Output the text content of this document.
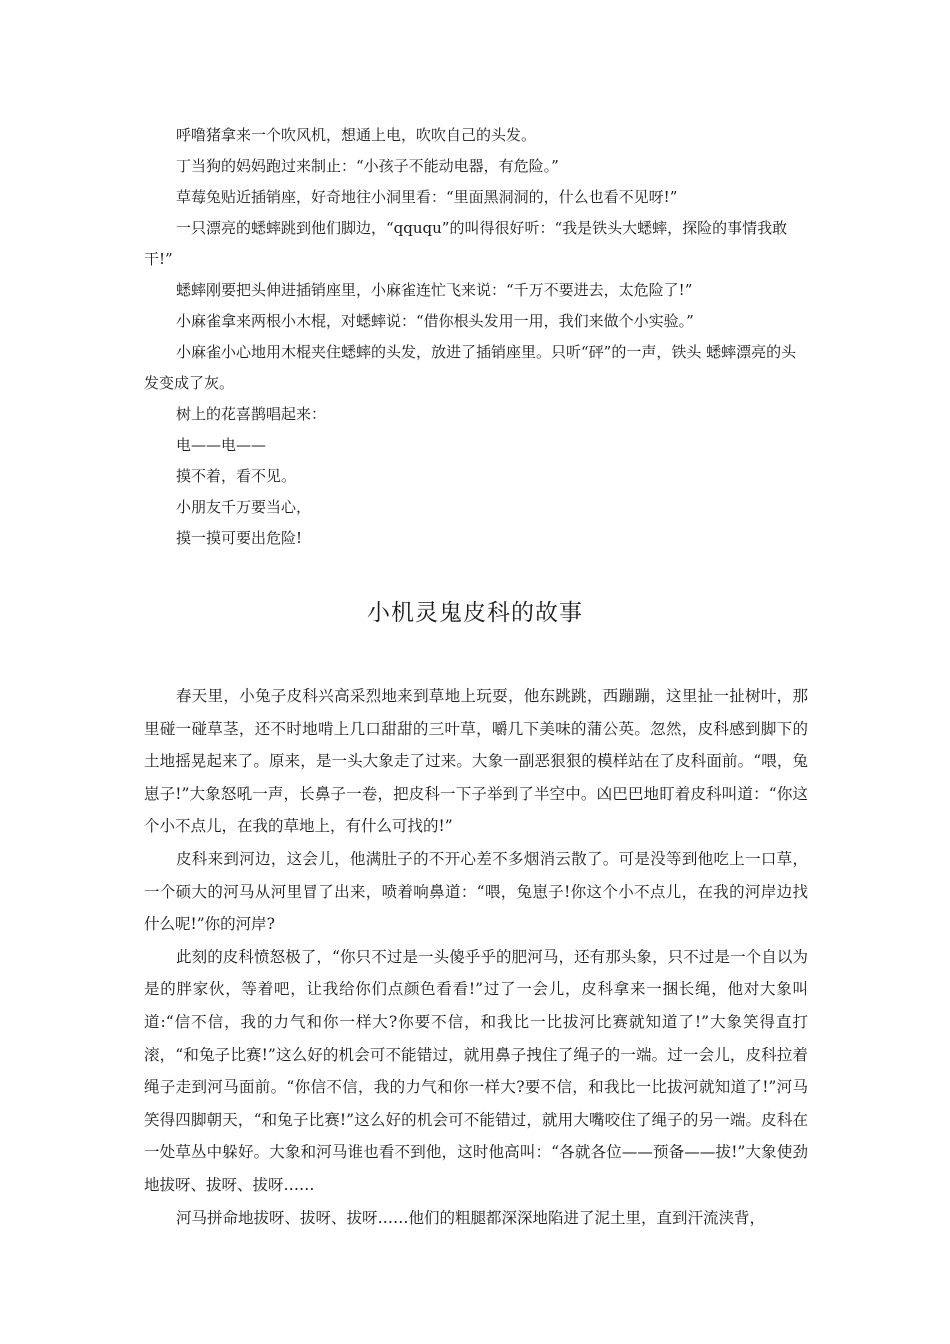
呼噜猪拿来一个吹风机，想通上电，吹吹自己的头发。

丁当狗的妈妈跑过来制止：“小孩子不能动电器，有危险。”

草莓兔贴近插销座，好奇地往小洞里看：“里面黑洞洞的，什么也看不见呀!”

一只漂亮的蟋蟀跳到他们脚边，“qququ”的叫得很好听：“我是铁头大蟋蟀，探险的事情我敢干!”

蟋蟀刚要把头伸进插销座里，小麻雀连忙飞来说：“千万不要进去，太危险了!”

小麻雀拿来两根小木棍，对蟋蟀说：“借你根头发用一用，我们来做个小实验。”

小麻雀小心地用木棍夹住蟋蟀的头发，放进了插销座里。只听“砰”的一声，铁头 蟋蟀漂亮的头发变成了灰。

树上的花喜鹊唱起来：

电——电——

摸不着，看不见。

小朋友千万要当心，

摸一摸可要出危险!

小机灵鬼皮科的故事

春天里，小兔子皮科兴高采烈地来到草地上玩耍，他东跳跳，西蹦蹦，这里扯一扯树叶，那里碰一碰草茎，还不时地啃上几口甜甜的三叶草，嚼几下美味的蒲公英。忽然，皮科感到脚下的土地摇晃起来了。原来，是一头大象走了过来。大象一副恶狠狠的模样站在了皮科面前。“喂，兔崽子!”大象怒吼一声，长鼻子一卷，把皮科一下子举到了半空中。凶巴巴地盯着皮科叫道：“你这个小不点儿，在我的草地上，有什么可找的!”

皮科来到河边，这会儿，他满肚子的不开心差不多烟消云散了。可是没等到他吃上一口草，一个硕大的河马从河里冒了出来，喷着响鼻道：“喂，兔崽子!你这个小不点儿，在我的河岸边找什么呢!”你的河岸?

此刻的皮科愤怒极了，“你只不过是一头傻乎乎的肥河马，还有那头象，只不过是一个自以为是的胖家伙，等着吧，让我给你们点颜色看看!”过了一会儿，皮科拿来一捆长绳，他对大象叫道:“信不信，我的力气和你一样大?你要不信，和我比一比拔河比赛就知道了!”大象笑得直打滚，“和兔子比赛!”这么好的机会可不能错过，就用鼻子拽住了绳子的一端。过一会儿，皮科拉着绳子走到河马面前。“你信不信，我的力气和你一样大?要不信，和我比一比拔河就知道了!”河马笑得四脚朝天，“和兔子比赛!”这么好的机会可不能错过，就用大嘴咬住了绳子的另一端。皮科在一处草丛中躲好。大象和河马谁也看不到他，这时他高叫：“各就各位——预备——拔!”大象使劲地拔呀、拔呀、拔呀……

河马拼命地拔呀、拔呀、拔呀……他们的粗腿都深深地陷进了泥土里，直到汗流浃背，
